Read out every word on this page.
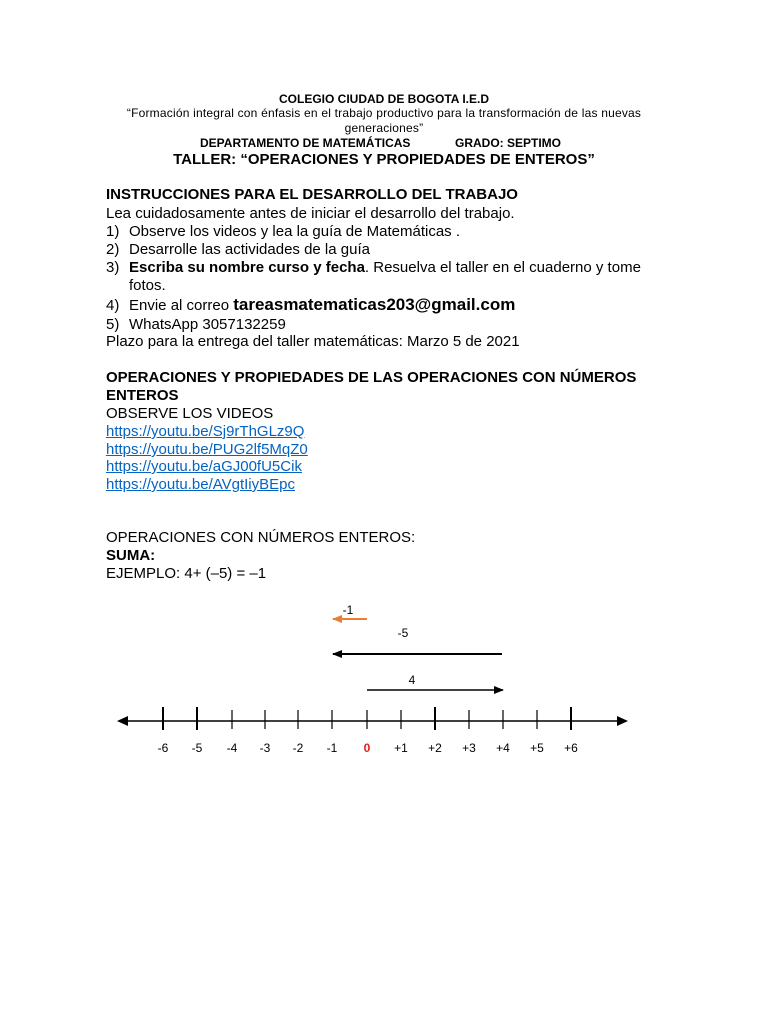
COLEGIO CIUDAD DE BOGOTA I.E.D
“Formación integral con énfasis en el trabajo productivo para la transformación de las nuevas generaciones”
DEPARTAMENTO DE MATEMÁTICAS	GRADO: SEPTIMO
TALLER: “OPERACIONES Y PROPIEDADES DE ENTEROS”
INSTRUCCIONES PARA EL DESARROLLO DEL TRABAJO
Lea cuidadosamente antes de iniciar el desarrollo del trabajo.
1) Observe los videos y lea la guía de Matemáticas .
2) Desarrolle las actividades de la guía
3) Escriba su nombre curso y fecha. Resuelva el taller en el cuaderno y tome
fotos.
4) Envie al correo tareasmatematicas203@gmail.com
5) WhatsApp 3057132259
Plazo para la entrega del taller matemáticas: Marzo 5 de 2021
OPERACIONES Y PROPIEDADES DE LAS OPERACIONES CON NÚMEROS
ENTEROS
OBSERVE LOS VIDEOS
https://youtu.be/Sj9rThGLz9Q
https://youtu.be/PUG2lf5MqZ0
https://youtu.be/aGJ00fU5Cik
https://youtu.be/AVgtIiyBEpc
OPERACIONES CON NÚMEROS ENTEROS:
SUMA:
EJEMPLO: 4+ (–5) = –1
-1
-5
4
-6 -5 -4 -3 -2 -1 0 +1 +2 +3 +4 +5 +6
